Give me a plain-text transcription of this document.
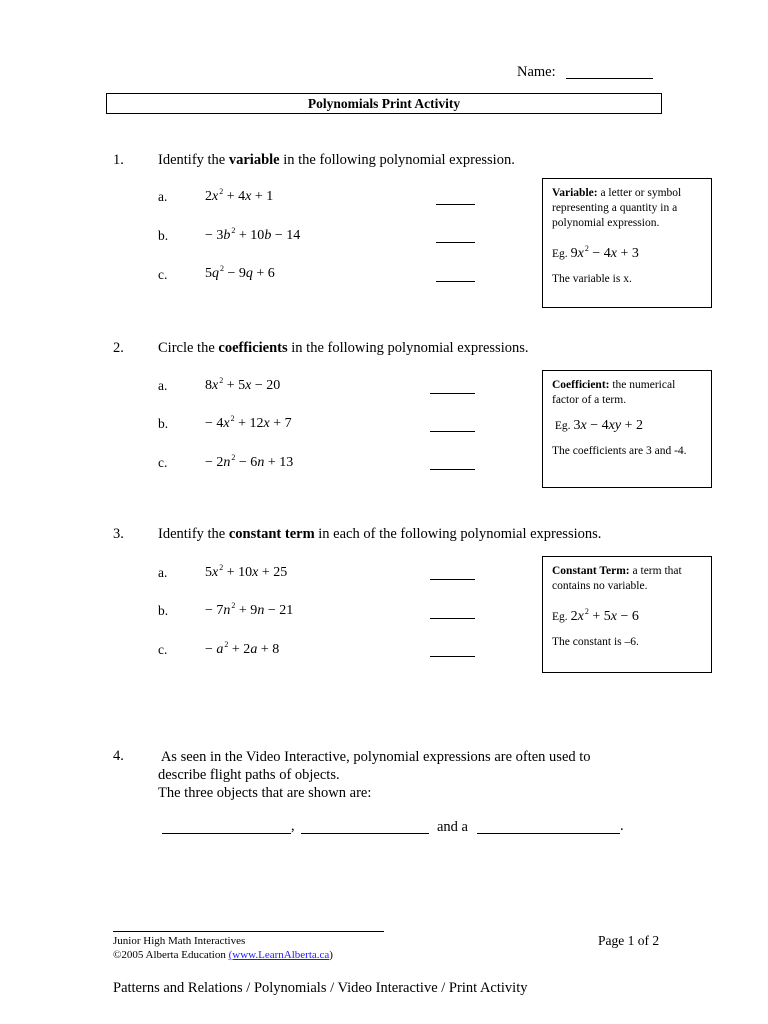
Name:
Polynomials Print Activity
1. Identify the variable in the following polynomial expression.
a.	$2x^2 + 4x + 1$
b.	− $3b^2 + 10b - 14$
c.	$5q^2 - 9q + 6$
Variable: a letter or symbol representing a quantity in a polynomial expression.
Eg. $9x^2 - 4x + 3$
The variable is x.
2. Circle the coefficients in the following polynomial expressions.
a.	$8x^2 + 5x - 20$
b.	− $4x^2 + 12x + 7$
c.	− $2n^2 - 6n + 13$
Coefficient: the numerical factor of a term.
Eg. 3x − 4xy + 2
The coefficients are 3 and -4.
3. Identify the constant term in each of the following polynomial expressions.
a.	$5x^2 + 10x + 25$
b.	− $7n^2 + 9n - 21$
c.	− $a^2 + 2a + 8$
Constant Term: a term that contains no variable.
Eg. $2x^2 + 5x - 6$
The constant is –6.
4. As seen in the Video Interactive, polynomial expressions are often used to
describe flight paths of objects.
The three objects that are shown are:
,	and a	.
Junior High Math Interactives
©2005 Alberta Education (www.LearnAlberta.ca)
Page 1 of 2
Patterns and Relations / Polynomials / Video Interactive / Print Activity
